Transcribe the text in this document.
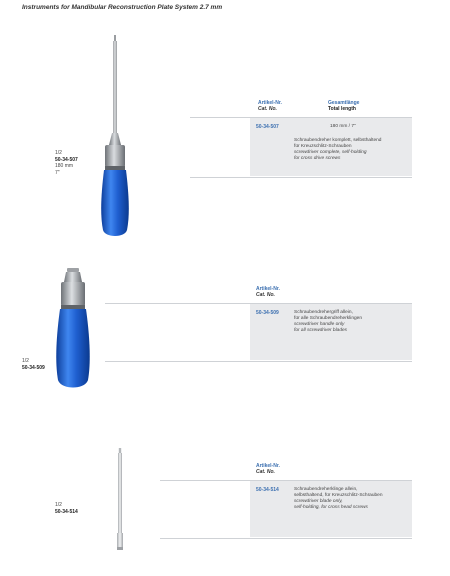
Instruments for Mandibular Reconstruction Plate System 2.7 mm
1/2
50-34-507
180 mm
7"
Artikel-Nr.
Cat. No.
Gesamtlänge
Total length
50-34-507	180 mm / 7"
Schraubendreher komplett, selbsthaltend
für Kreuzschlitz-Schrauben
screwdriver complete, self-holding
for cross drive screws
1/2
50-34-509
Artikel-Nr.
Cat. No.
50-34-509	Schraubendrehergriff allein,
für alle Schraubendreherklingen
screwdriver handle only
for all screwdriver blades
1/2
50-34-514
Artikel-Nr.
Cat. No.
50-34-514	Schraubendreherklinge allein,
selbsthaltend, für Kreuzschlitz-Schrauben
screwdriver blade only,
self-holding, for cross head screws
